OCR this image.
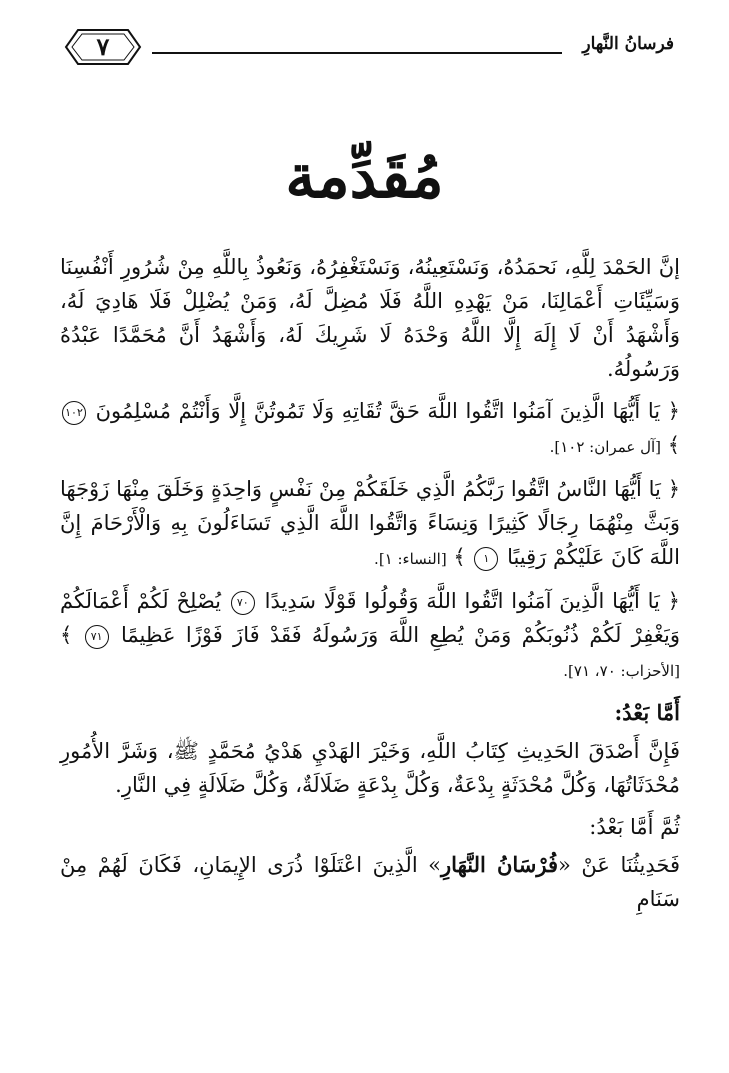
فرسانُ النَّهارِ
٧
مُقَدِّمة

إنَّ الحَمْدَ لِلَّهِ، نَحمَدُهُ، وَنَسْتَعِينُهُ، وَنَسْتَغْفِرُهُ، وَنَعُوذُ بِاللَّهِ مِنْ شُرُورِ أَنْفُسِنَا وَسَيِّئَاتِ أَعْمَالِنَا، مَنْ يَهْدِهِ اللَّهُ فَلَا مُضِلَّ لَهُ، وَمَنْ يُضْلِلْ فَلَا هَادِيَ لَهُ، وَأَشْهَدُ أَنْ لَا إِلَهَ إِلَّا اللَّهُ وَحْدَهُ لَا شَرِيكَ لَهُ، وَأَشْهَدُ أَنَّ مُحَمَّدًا عَبْدُهُ وَرَسُولُهُ.

﴿ يَا أَيُّهَا الَّذِينَ آمَنُوا اتَّقُوا اللَّهَ حَقَّ تُقَاتِهِ وَلَا تَمُوتُنَّ إِلَّا وَأَنْتُمْ مُسْلِمُونَ ١٠٢ ﴾ [آل عمران: ١٠٢].

﴿ يَا أَيُّهَا النَّاسُ اتَّقُوا رَبَّكُمُ الَّذِي خَلَقَكُمْ مِنْ نَفْسٍ وَاحِدَةٍ وَخَلَقَ مِنْهَا زَوْجَهَا وَبَثَّ مِنْهُمَا رِجَالًا كَثِيرًا وَنِسَاءً وَاتَّقُوا اللَّهَ الَّذِي تَسَاءَلُونَ بِهِ وَالْأَرْحَامَ إِنَّ اللَّهَ كَانَ عَلَيْكُمْ رَقِيبًا ١ ﴾ [النساء: ١].

﴿ يَا أَيُّهَا الَّذِينَ آمَنُوا اتَّقُوا اللَّهَ وَقُولُوا قَوْلًا سَدِيدًا ٧٠ يُصْلِحْ لَكُمْ أَعْمَالَكُمْ وَيَغْفِرْ لَكُمْ ذُنُوبَكُمْ وَمَنْ يُطِعِ اللَّهَ وَرَسُولَهُ فَقَدْ فَازَ فَوْزًا عَظِيمًا ٧١ ﴾ [الأحزاب: ٧٠، ٧١].

أَمَّا بَعْدُ:

فَإِنَّ أَصْدَقَ الحَدِيثِ كِتَابُ اللَّهِ، وَخَيْرَ الهَدْيِ هَدْيُ مُحَمَّدٍ ﷺ، وَشَرَّ الأُمُورِ مُحْدَثَاتُهَا، وَكُلَّ مُحْدَثَةٍ بِدْعَةٌ، وَكُلَّ بِدْعَةٍ ضَلَالَةٌ، وَكُلَّ ضَلَالَةٍ فِي النَّارِ.

ثُمَّ أَمَّا بَعْدُ:

فَحَدِيثُنَا عَنْ «فُرْسَانُ النَّهَارِ» الَّذِينَ اعْتَلَوْا ذُرَى الإِيمَانِ، فَكَانَ لَهُمْ مِنْ سَنَامِ
